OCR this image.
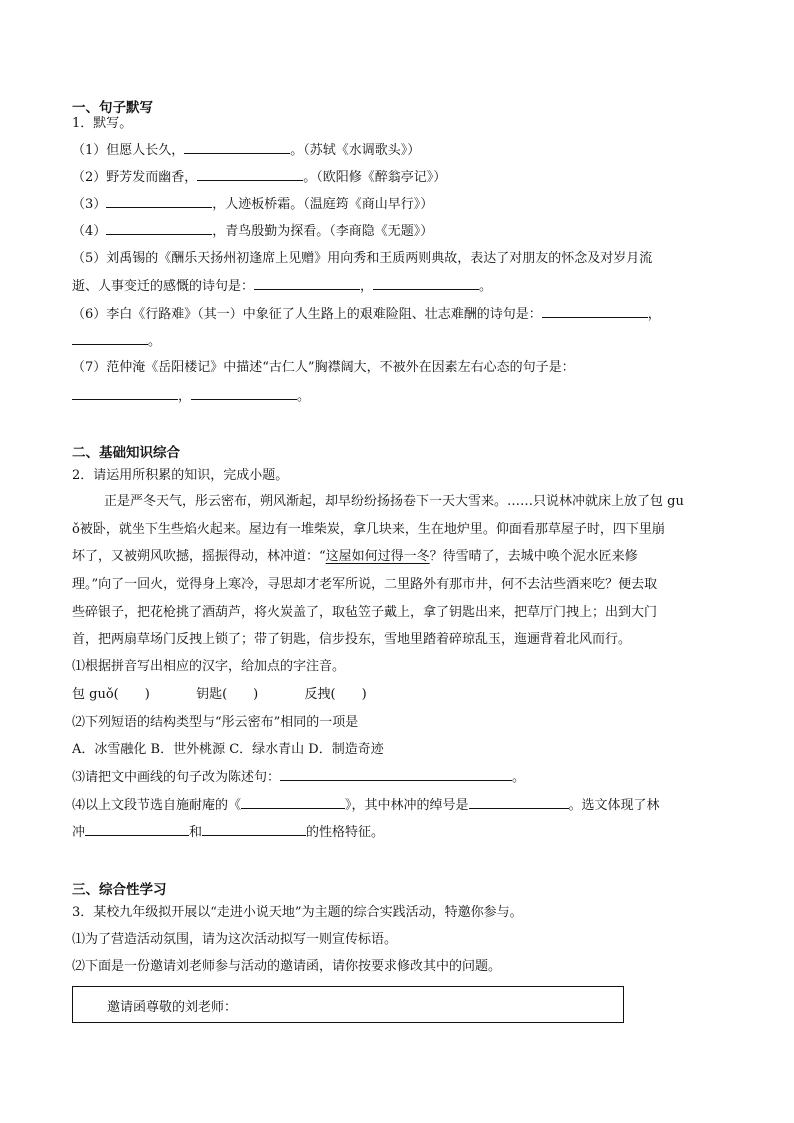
一、句子默写
1．默写。
（1）但愿人长久，	。（苏轼《水调歌头》）
（2）野芳发而幽香，	。（欧阳修《醉翁亭记》）
（3）	，人迹板桥霜。（温庭筠《商山早行》）
（4）	，青鸟殷勤为探看。（李商隐《无题》）
（5）刘禹锡的《酬乐天扬州初逢席上见赠》用向秀和王质两则典故，表达了对朋友的怀念及对岁月流
逝、人事变迁的感慨的诗句是：	，	。
（6）李白《行路难》（其一）中象征了人生路上的艰难险阻、壮志难酬的诗句是：	，
。
（7）范仲淹《岳阳楼记》中描述“古仁人”胸襟阔大，不被外在因素左右心态的句子是：
，	。
二、基础知识综合
2．请运用所积累的知识，完成小题。
正是严冬天气，彤云密布，朔风渐起，却早纷纷扬扬卷下一天大雪来。……只说林冲就床上放了包 gu
ǒ被卧，就坐下生些焰火起来。屋边有一堆柴炭，拿几块来，生在地炉里。仰面看那草屋子时，四下里崩
坏了，又被朔风吹撼，摇振得动，林冲道：“这屋如何过得一冬？待雪晴了，去城中唤个泥水匠来修
理。”向了一回火，觉得身上寒冷，寻思却才老军所说，二里路外有那市井，何不去沽些酒来吃？便去取
些碎银子，把花枪挑了酒葫芦，将火炭盖了，取毡笠子戴上，拿了钥匙出来，把草厅门拽上；出到大门
首，把两扇草场门反拽上锁了；带了钥匙，信步投东，雪地里踏着碎琼乱玉，迤逦背着北风而行。
⑴根据拼音写出相应的汉字，给加点的字注音。
包 guǒ(　　)	钥匙(　　)	反拽(　　)
⑵下列短语的结构类型与“彤云密布”相同的一项是
A．冰雪融化 B．世外桃源 C．绿水青山 D．制造奇迹
⑶请把文中画线的句子改为陈述句：	。
⑷以上文段节选自施耐庵的《	》，其中林冲的绰号是	。选文体现了林
冲	和	的性格特征。
三、综合性学习
3．某校九年级拟开展以“走进小说天地”为主题的综合实践活动，特邀你参与。
⑴为了营造活动氛围，请为这次活动拟写一则宣传标语。
⑵下面是一份邀请刘老师参与活动的邀请函，请你按要求修改其中的问题。
邀请函尊敬的刘老师：
